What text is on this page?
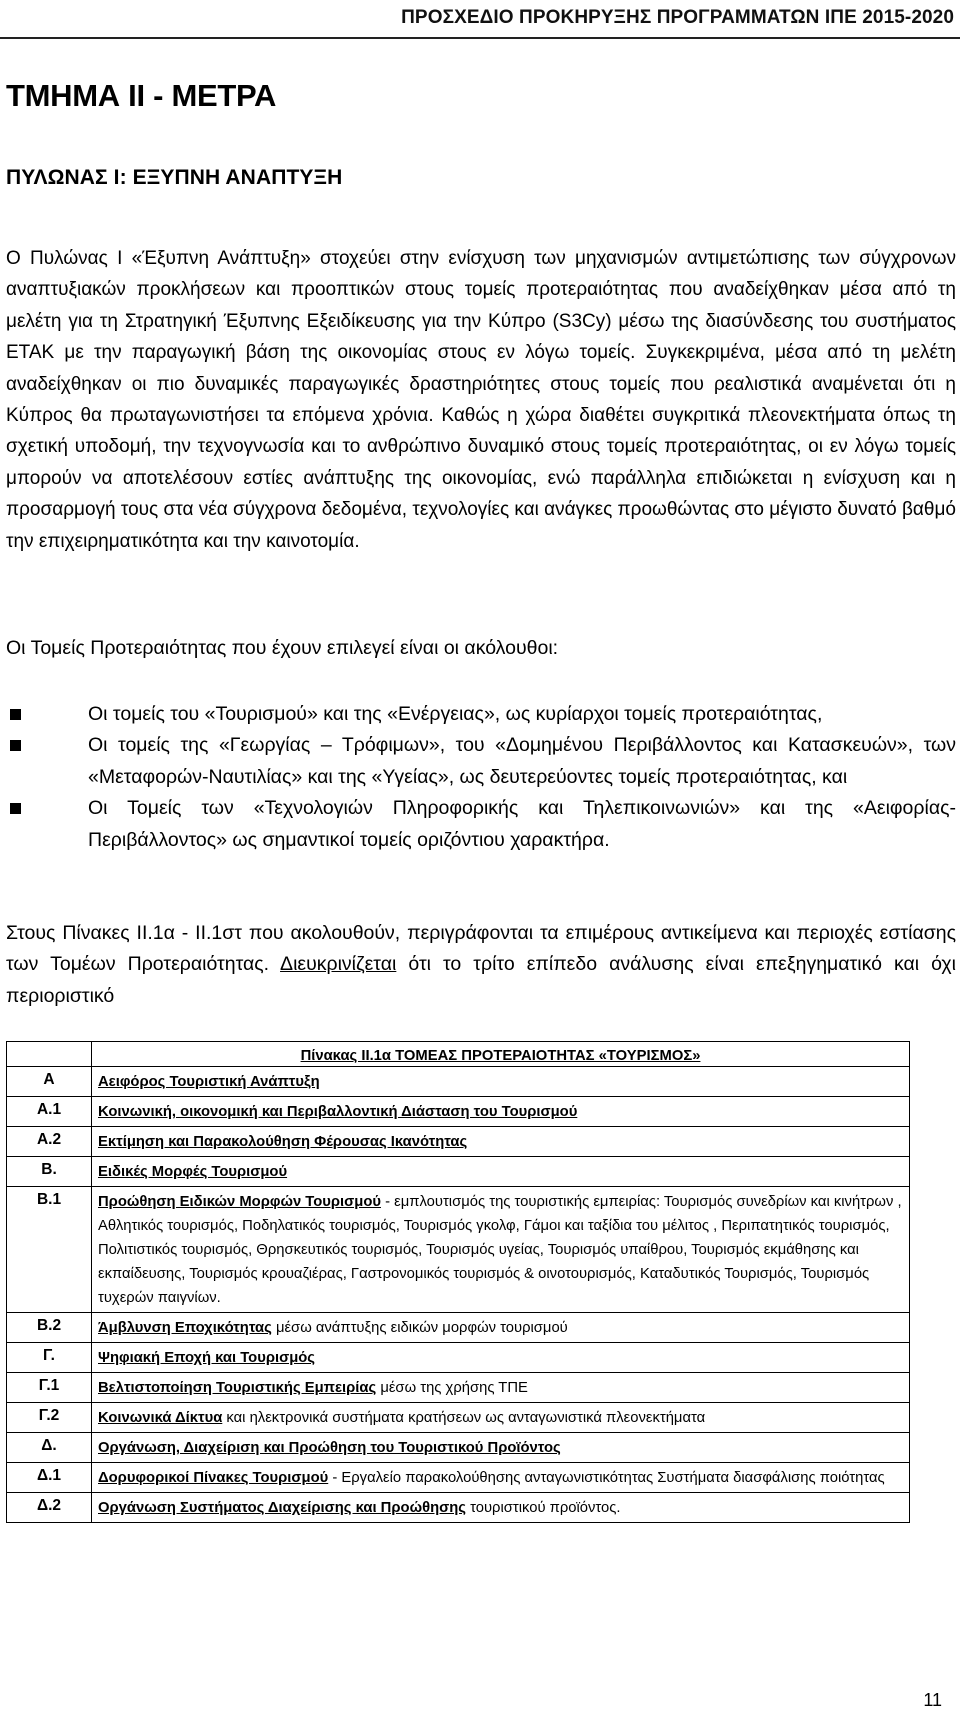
ΠΡΟΣΧΕΔΙΟ ΠΡΟΚΗΡΥΞΗΣ ΠΡΟΓΡΑΜΜΑΤΩΝ ΙΠΕ 2015-2020
ΤΜΗΜΑ ΙΙ - ΜΕΤΡΑ
ΠΥΛΩΝΑΣ Ι: ΕΞΥΠΝΗ ΑΝΑΠΤΥΞΗ

Ο Πυλώνας Ι «Έξυπνη Ανάπτυξη» στοχεύει στην ενίσχυση των μηχανισμών αντιμετώπισης των σύγχρονων αναπτυξιακών προκλήσεων και προοπτικών στους τομείς προτεραιότητας που αναδείχθηκαν μέσα από τη μελέτη για τη Στρατηγική Έξυπνης Εξειδίκευσης για την Κύπρο (S3Cy) μέσω της διασύνδεσης του συστήματος ΕΤΑΚ με την παραγωγική βάση της οικονομίας στους εν λόγω τομείς. Συγκεκριμένα, μέσα από τη μελέτη αναδείχθηκαν οι πιο δυναμικές παραγωγικές δραστηριότητες στους τομείς που ρεαλιστικά αναμένεται ότι η Κύπρος θα πρωταγωνιστήσει τα επόμενα χρόνια. Καθώς η χώρα διαθέτει συγκριτικά πλεονεκτήματα όπως τη σχετική υποδομή, την τεχνογνωσία και το ανθρώπινο δυναμικό στους τομείς προτεραιότητας, οι εν λόγω τομείς μπορούν να αποτελέσουν εστίες ανάπτυξης της οικονομίας, ενώ παράλληλα επιδιώκεται η ενίσχυση και η προσαρμογή τους στα νέα σύγχρονα δεδομένα, τεχνολογίες και ανάγκες προωθώντας στο μέγιστο δυνατό βαθμό την επιχειρηματικότητα και την καινοτομία.

Οι Τομείς Προτεραιότητας που έχουν επιλεγεί είναι οι ακόλουθοι:

Οι τομείς του «Τουρισμού» και της «Ενέργειας», ως κυρίαρχοι τομείς προτεραιότητας,
Οι τομείς της «Γεωργίας – Τρόφιμων», του «Δομημένου Περιβάλλοντος και Κατασκευών», των «Μεταφορών-Ναυτιλίας» και της «Υγείας», ως δευτερεύοντες τομείς προτεραιότητας, και
Οι Τομείς των «Τεχνολογιών Πληροφορικής και Τηλεπικοινωνιών» και της «Αειφορίας-Περιβάλλοντος» ως σημαντικοί τομείς οριζόντιου χαρακτήρα.

Στους Πίνακες ΙΙ.1α - ΙΙ.1στ που ακολουθούν, περιγράφονται τα επιμέρους αντικείμενα και περιοχές εστίασης των Τομέων Προτεραιότητας. Διευκρινίζεται ότι το τρίτο επίπεδο ανάλυσης είναι επεξηγηματικό και όχι περιοριστικό

	Πίνακας ΙΙ.1α ΤΟΜΕΑΣ ΠΡΟΤΕΡΑΙΟΤΗΤΑΣ «ΤΟΥΡΙΣΜΟΣ»
Α	Αειφόρος Τουριστική Ανάπτυξη
Α.1	Κοινωνική, οικονομική και Περιβαλλοντική Διάσταση του Τουρισμού
Α.2	Εκτίμηση και Παρακολούθηση Φέρουσας Ικανότητας
Β.	Ειδικές Μορφές Τουρισμού
Β.1	Προώθηση Ειδικών Μορφών Τουρισμού - εμπλουτισμός της τουριστικής εμπειρίας: Τουρισμός συνεδρίων και κινήτρων , Αθλητικός τουρισμός, Ποδηλατικός τουρισμός, Τουρισμός γκολφ, Γάμοι και ταξίδια του μέλιτος , Περιπατητικός τουρισμός, Πολιτιστικός τουρισμός, Θρησκευτικός τουρισμός, Τουρισμός υγείας, Τουρισμός υπαίθρου, Τουρισμός εκμάθησης και εκπαίδευσης, Τουρισμός κρουαζιέρας, Γαστρονομικός τουρισμός & οινοτουρισμός, Καταδυτικός Τουρισμός, Τουρισμός τυχερών παιγνίων.
Β.2	Άμβλυνση Εποχικότητας μέσω ανάπτυξης ειδικών μορφών τουρισμού
Γ.	Ψηφιακή Εποχή και Τουρισμός
Γ.1	Βελτιστοποίηση Τουριστικής Εμπειρίας μέσω της χρήσης ΤΠΕ
Γ.2	Κοινωνικά Δίκτυα και ηλεκτρονικά συστήματα κρατήσεων ως ανταγωνιστικά πλεονεκτήματα
Δ.	Οργάνωση, Διαχείριση και Προώθηση του Τουριστικού Προϊόντος
Δ.1	Δορυφορικοί Πίνακες Τουρισμού - Εργαλείο παρακολούθησης ανταγωνιστικότητας Συστήματα διασφάλισης ποιότητας
Δ.2	Οργάνωση Συστήματος Διαχείρισης και Προώθησης τουριστικού προϊόντος.
11
